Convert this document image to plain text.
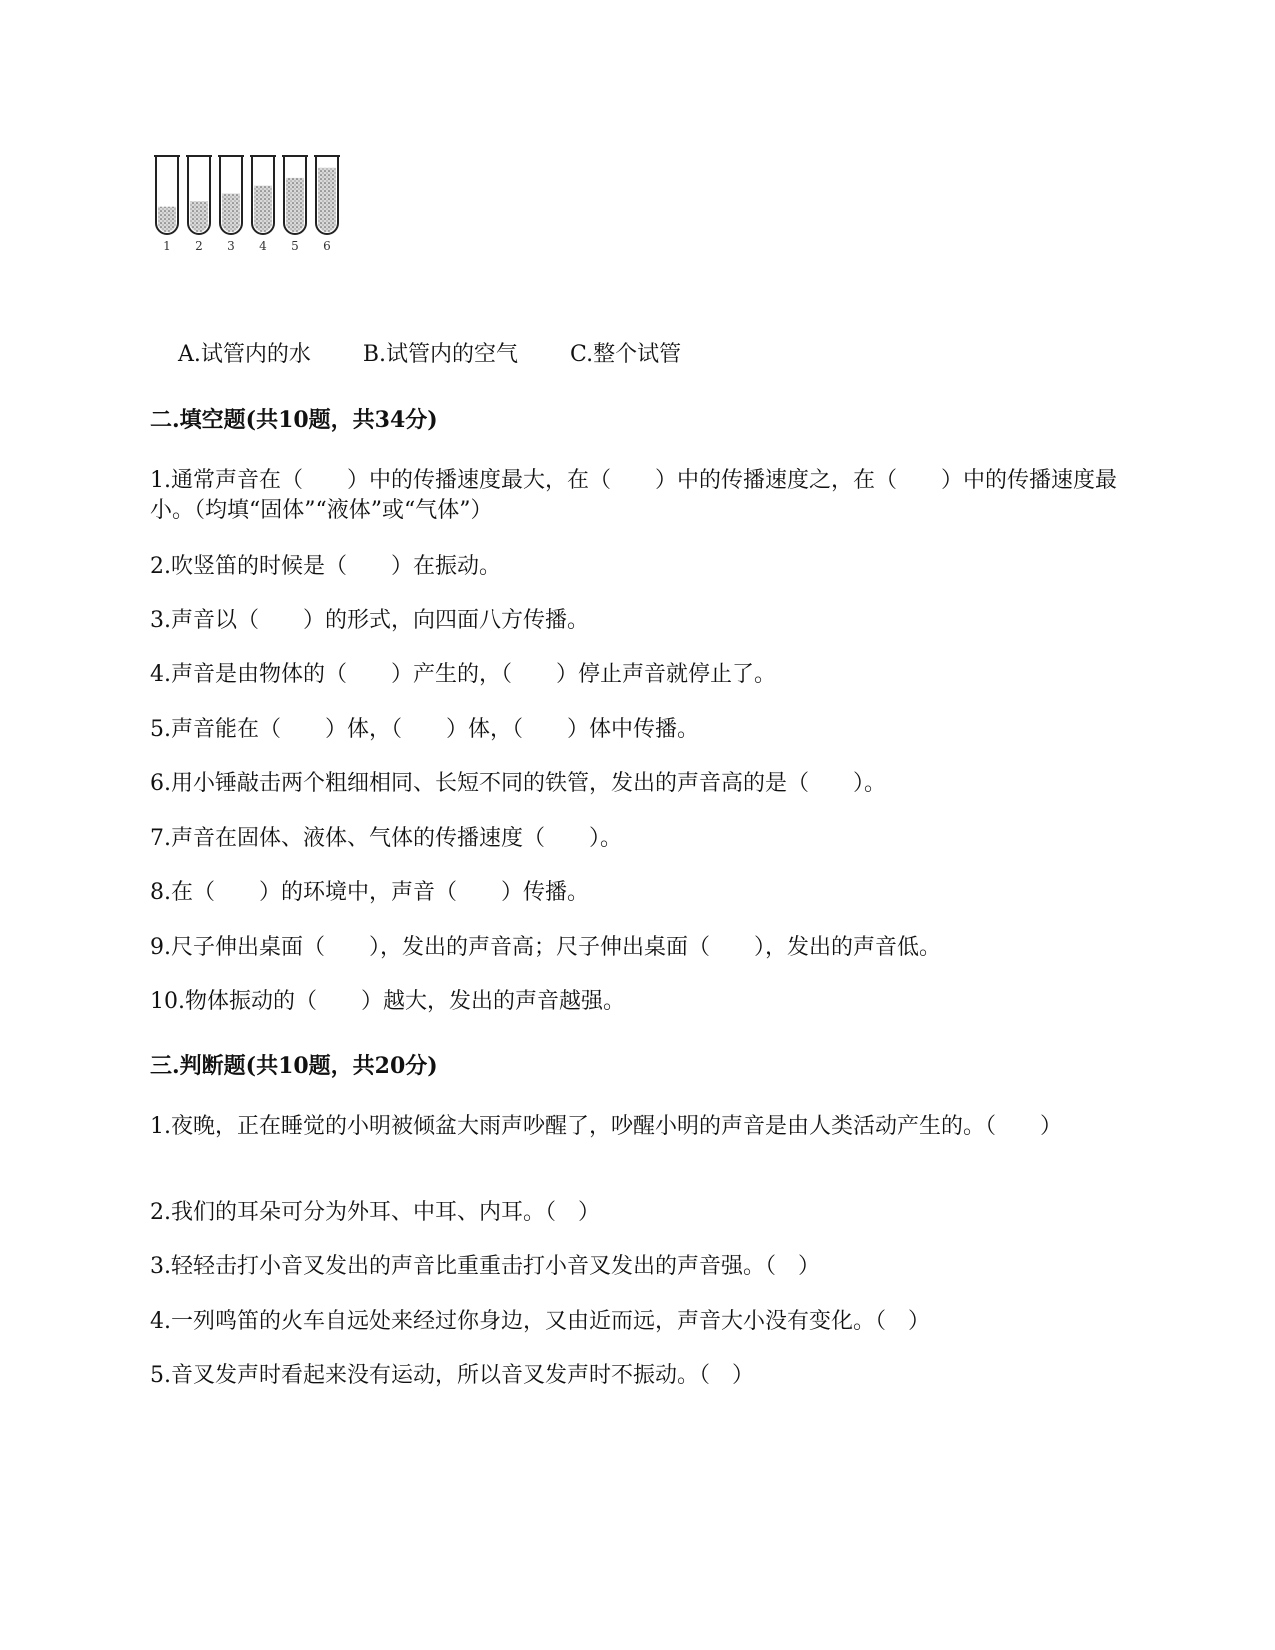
1 2 3 4 5 6

A.试管内的水 B.试管内的空气 C.整个试管

二.填空题(共10题，共34分)
1.通常声音在（　　）中的传播速度最大，在（　　）中的传播速度之，在（　　）中的传播速度最小。（均填“固体”“液体”或“气体”）
2.吹竖笛的时候是（　　）在振动。
3.声音以（　　）的形式，向四面八方传播。
4.声音是由物体的（　　）产生的，（　　）停止声音就停止了。
5.声音能在（　　）体，（　　）体，（　　）体中传播。
6.用小锤敲击两个粗细相同、长短不同的铁管，发出的声音高的是（　　）。
7.声音在固体、液体、气体的传播速度（　　）。
8.在（　　）的环境中，声音（　　）传播。
9.尺子伸出桌面（　　），发出的声音高；尺子伸出桌面（　　），发出的声音低。
10.物体振动的（　　）越大，发出的声音越强。
三.判断题(共10题，共20分)
1.夜晚，正在睡觉的小明被倾盆大雨声吵醒了，吵醒小明的声音是由人类活动产生的。（　　）
2.我们的耳朵可分为外耳、中耳、内耳。（　）
3.轻轻击打小音叉发出的声音比重重击打小音叉发出的声音强。（　）
4.一列鸣笛的火车自远处来经过你身边，又由近而远，声音大小没有变化。（　）
5.音叉发声时看起来没有运动，所以音叉发声时不振动。（　）
